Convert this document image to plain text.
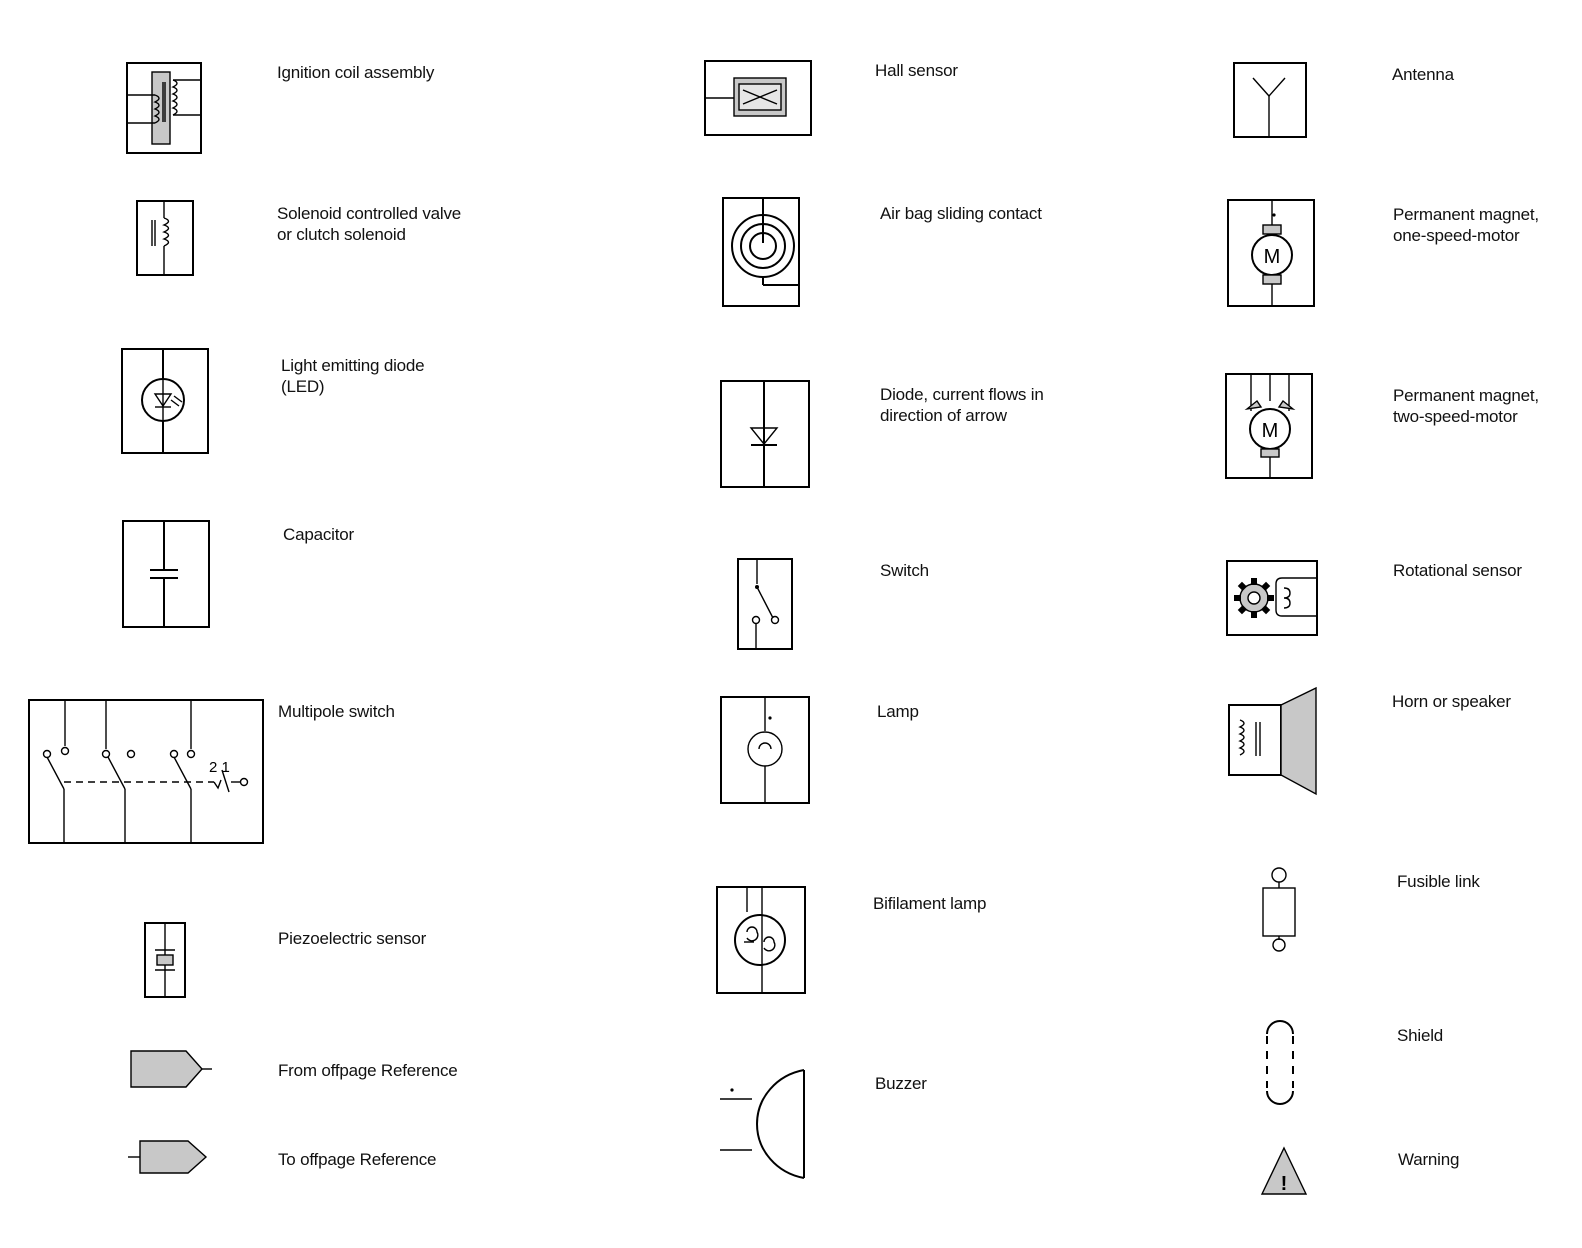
Ignition coil assembly
Solenoid controlled valve
or clutch solenoid
Light emitting diode
(LED)
Capacitor
2 1
Multipole switch
Piezoelectric sensor
From offpage Reference
To offpage Reference
Hall sensor
Air bag sliding contact
Diode, current flows in
direction of arrow
Switch
Lamp
Bifilament lamp
Buzzer
Antenna
M
Permanent magnet,
one-speed-motor
M
Permanent magnet,
two-speed-motor
Rotational sensor
Horn or speaker
Fusible link
Shield
!
Warning
